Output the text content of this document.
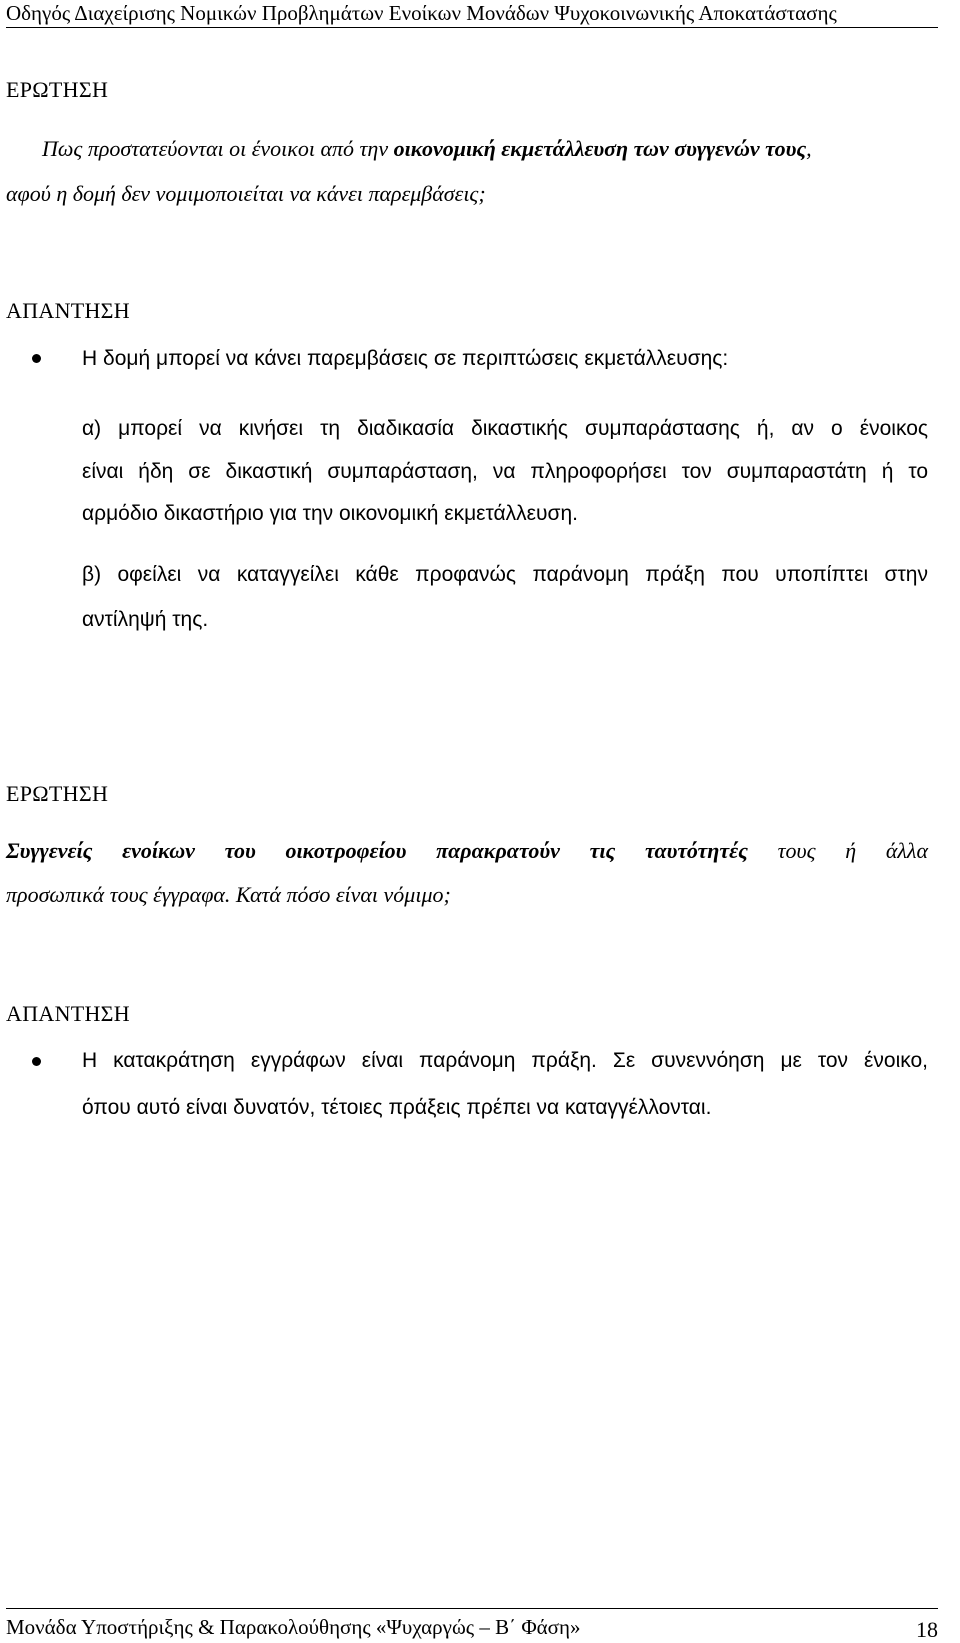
Οδηγός Διαχείρισης Νομικών Προβλημάτων Ενοίκων Μονάδων Ψυχοκοινωνικής Αποκατάστασης
ΕΡΩΤΗΣΗ
Πως προστατεύονται οι ένοικοι από την οικονομική εκμετάλλευση των συγγενών τους,
αφού η δομή δεν νομιμοποιείται να κάνει παρεμβάσεις;
ΑΠΑΝΤΗΣΗ
Η δομή μπορεί να κάνει παρεμβάσεις σε περιπτώσεις εκμετάλλευσης:
α) μπορεί να κινήσει τη διαδικασία δικαστικής συμπαράστασης ή, αν ο ένοικος
είναι ήδη σε δικαστική συμπαράσταση, να πληροφορήσει τον συμπαραστάτη ή το
αρμόδιο δικαστήριο για την οικονομική εκμετάλλευση.
β) οφείλει να καταγγείλει κάθε προφανώς παράνομη πράξη που υποπίπτει στην
αντίληψή της.
ΕΡΩΤΗΣΗ
Συγγενείς ενοίκων του οικοτροφείου παρακρατούν τις ταυτότητές τους ή άλλα
προσωπικά τους έγγραφα. Κατά πόσο είναι νόμιμο;
ΑΠΑΝΤΗΣΗ
Η κατακράτηση εγγράφων είναι παράνομη πράξη. Σε συνεννόηση με τον ένοικο,
όπου αυτό είναι δυνατόν, τέτοιες πράξεις πρέπει να καταγγέλλονται.
Μονάδα Υποστήριξης & Παρακολούθησης «Ψυχαργώς – Β΄ Φάση»	18
